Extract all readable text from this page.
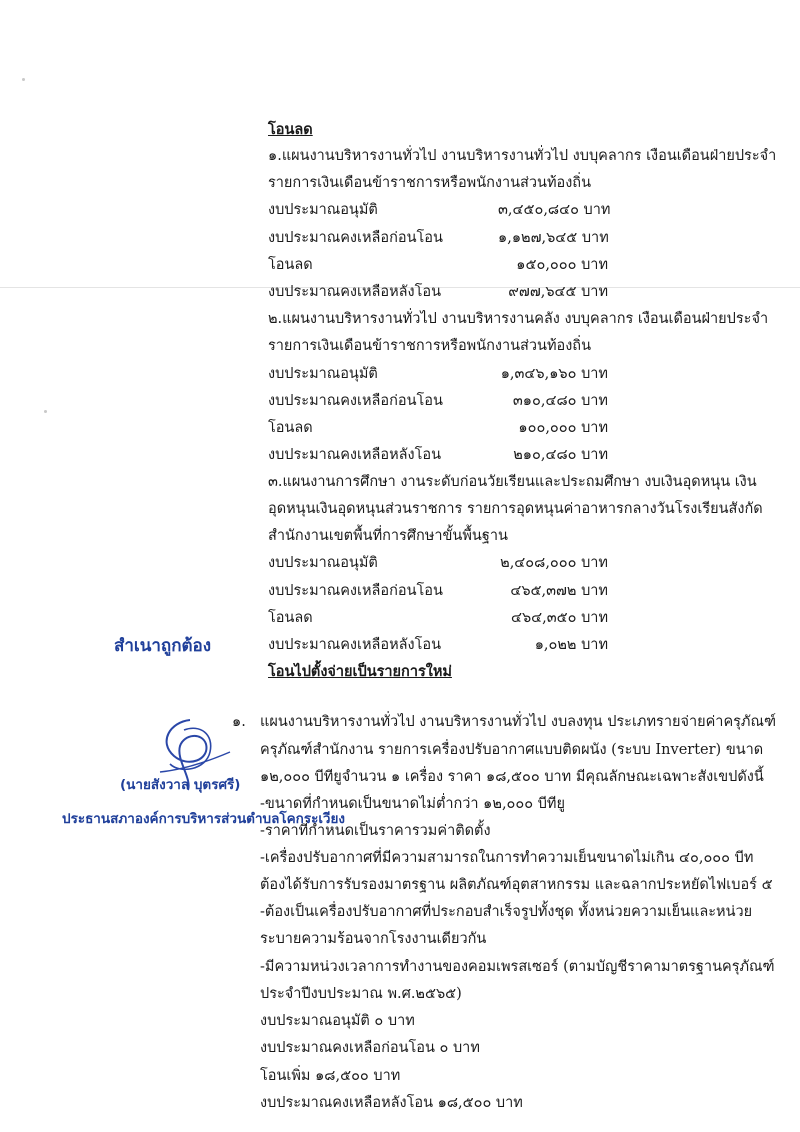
โอนลด
๑.แผนงานบริหารงานทั่วไป งานบริหารงานทั่วไป งบบุคลากร เงือนเดือนฝ่ายประจำ
รายการเงินเดือนข้าราชการหรือพนักงานส่วนท้องถิ่น
งบประมาณอนุมัติ	๓,๔๕๐,๘๔๐ บาท
งบประมาณคงเหลือก่อนโอน	๑,๑๒๗,๖๔๕ บาท
โอนลด	๑๕๐,๐๐๐ บาท
งบประมาณคงเหลือหลังโอน	๙๗๗,๖๔๕ บาท
๒.แผนงานบริหารงานทั่วไป งานบริหารงานคลัง งบบุคลากร เงือนเดือนฝ่ายประจำ
รายการเงินเดือนข้าราชการหรือพนักงานส่วนท้องถิ่น
งบประมาณอนุมัติ	๑,๓๔๖,๑๖๐ บาท
งบประมาณคงเหลือก่อนโอน	๓๑๐,๔๘๐ บาท
โอนลด	๑๐๐,๐๐๐ บาท
งบประมาณคงเหลือหลังโอน	๒๑๐,๔๘๐ บาท
๓.แผนงานการศึกษา งานระดับก่อนวัยเรียนและประถมศึกษา งบเงินอุดหนุน เงิน
อุดหนุนเงินอุดหนุนส่วนราชการ รายการอุดหนุนค่าอาหารกลางวันโรงเรียนสังกัด
สำนักงานเขตพื้นที่การศึกษาขั้นพื้นฐาน
งบประมาณอนุมัติ	๒,๔๐๘,๐๐๐ บาท
งบประมาณคงเหลือก่อนโอน	๔๖๕,๓๗๒ บาท
โอนลด	๔๖๔,๓๕๐ บาท
งบประมาณคงเหลือหลังโอน	๑,๐๒๒ บาท
โอนไปตั้งจ่ายเป็นรายการใหม่
๑. แผนงานบริหารงานทั่วไป งานบริหารงานทั่วไป งบลงทุน ประเภทรายจ่ายค่าครุภัณฑ์
ครุภัณฑ์สำนักงาน รายการเครื่องปรับอากาศแบบติดผนัง (ระบบ Inverter) ขนาด
๑๒,๐๐๐ บีทียูจำนวน ๑ เครื่อง ราคา ๑๘,๕๐๐ บาท มีคุณลักษณะเฉพาะสังเขปดังนี้
-ขนาดที่กำหนดเป็นขนาดไม่ต่ำกว่า ๑๒,๐๐๐ บีทียู
-ราคาที่กำหนดเป็นราคารวมค่าติดตั้ง
-เครื่องปรับอากาศที่มีความสามารถในการทำความเย็นขนาดไม่เกิน ๔๐,๐๐๐ บีท
ต้องได้รับการรับรองมาตรฐาน ผลิตภัณฑ์อุตสาหกรรม และฉลากประหยัดไฟเบอร์ ๕
-ต้องเป็นเครื่องปรับอากาศที่ประกอบสำเร็จรูปทั้งชุด ทั้งหน่วยความเย็นและหน่วย
ระบายความร้อนจากโรงงานเดียวกัน
-มีความหน่วงเวลาการทำงานของคอมเพรสเซอร์ (ตามบัญชีราคามาตรฐานครุภัณฑ์
ประจำปีงบประมาณ พ.ศ.๒๕๖๕)
งบประมาณอนุมัติ ๐ บาท
งบประมาณคงเหลือก่อนโอน ๐ บาท
โอนเพิ่ม ๑๘,๕๐๐ บาท
งบประมาณคงเหลือหลังโอน ๑๘,๕๐๐ บาท
สำเนาถูกต้อง
(นายสังวาล บุตรศรี)
ประธานสภาองค์การบริหารส่วนตำบลโคกระเวียง
